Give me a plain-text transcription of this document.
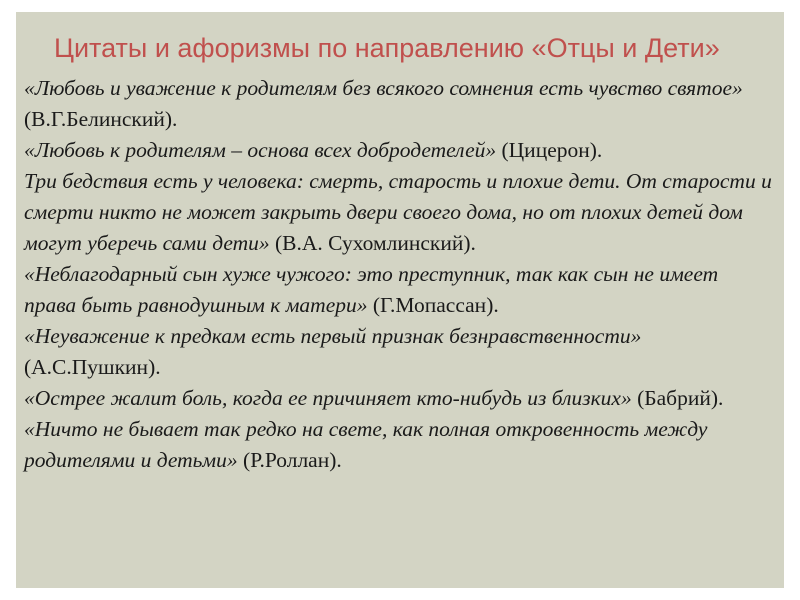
Цитаты и афоризмы по направлению «Отцы и Дети»

«Любовь и уважение к родителям без всякого сомнения есть чувство святое» (В.Г.Белинский).

«Любовь к родителям – основа всех добродетелей» (Цицерон).

Три бедствия есть у человека: смерть, старость и плохие дети. От старости и смерти никто не может закрыть двери своего дома, но от плохих детей дом могут уберечь сами дети» (В.А. Сухомлинский).

«Неблагодарный сын хуже чужого: это преступник, так как сын не имеет права быть равнодушным к матери» (Г.Мопассан).

«Неуважение к предкам есть первый признак безнравственности» (А.С.Пушкин).

«Острее жалит боль, когда ее причиняет кто-нибудь из близких» (Бабрий).

«Ничто не бывает так редко на свете, как полная откровенность между родителями и детьми» (Р.Роллан).
